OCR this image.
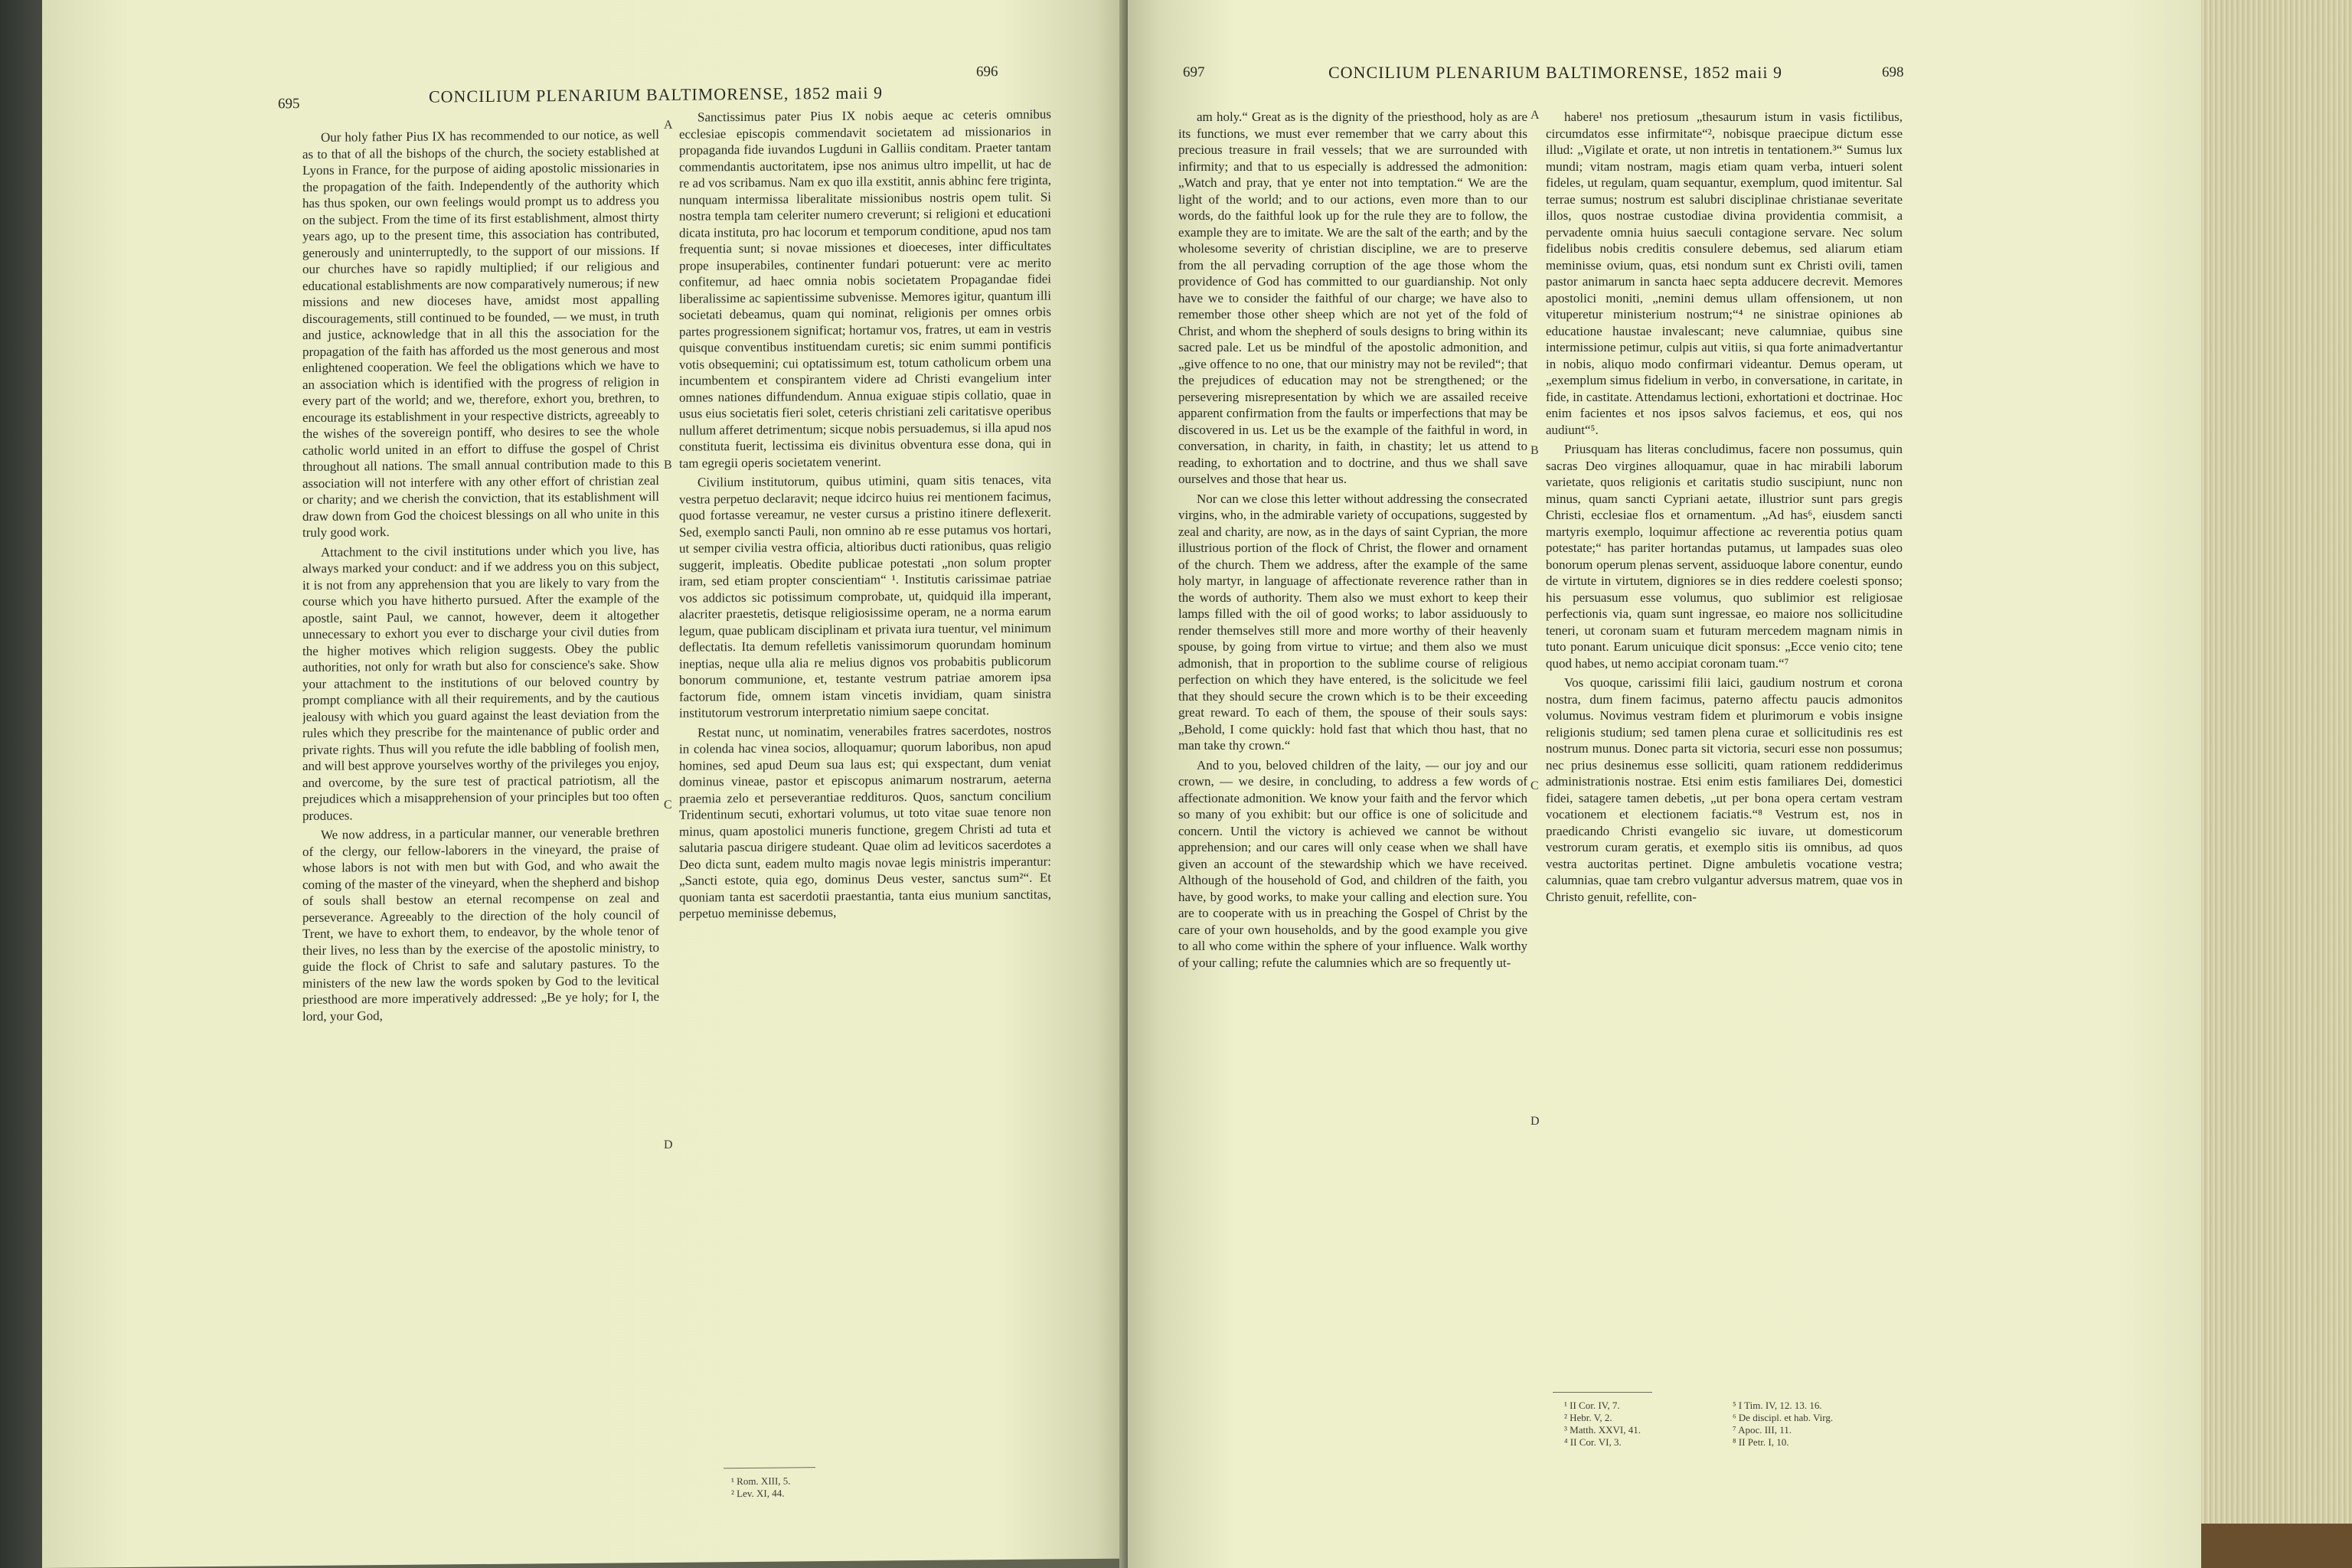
695	CONCILIUM PLENARIUM BALTIMORENSE, 1852 maii 9
696

Our holy father Pius IX has recommended to our notice, as well as to that of all the bishops of the church, the society established at Lyons in France, for the purpose of aiding apostolic missionaries in the propagation of the faith. Independently of the authority which has thus spoken, our own feelings would prompt us to address you on the subject. From the time of its first establishment, almost thirty years ago, up to the present time, this association has contributed, generously and uninterruptedly, to the support of our missions. If our churches have so rapidly multiplied; if our religious and educational establishments are now comparatively numerous; if new missions and new dioceses have, amidst most appalling discouragements, still continued to be founded, — we must, in truth and justice, acknowledge that in all this the association for the propagation of the faith has afforded us the most generous and most enlightened cooperation. We feel the obligations which we have to an association which is identified with the progress of religion in every part of the world; and we, therefore, exhort you, brethren, to encourage its establishment in your respective districts, agreeably to the wishes of the sovereign pontiff, who desires to see the whole catholic world united in an effort to diffuse the gospel of Christ throughout all nations. The small annual contribution made to this association will not interfere with any other effort of christian zeal or charity; and we cherish the conviction, that its establishment will draw down from God the choicest blessings on all who unite in this truly good work.

Attachment to the civil institutions under which you live, has always marked your conduct: and if we address you on this subject, it is not from any apprehension that you are likely to vary from the course which you have hitherto pursued. After the example of the apostle, saint Paul, we cannot, however, deem it altogether unnecessary to exhort you ever to discharge your civil duties from the higher motives which religion suggests. Obey the public authorities, not only for wrath but also for conscience's sake. Show your attachment to the institutions of our beloved country by prompt compliance with all their requirements, and by the cautious jealousy with which you guard against the least deviation from the rules which they prescribe for the maintenance of public order and private rights. Thus will you refute the idle babbling of foolish men, and will best approve yourselves worthy of the privileges you enjoy, and overcome, by the sure test of practical patriotism, all the prejudices which a misapprehension of your principles but too often produces.

We now address, in a particular manner, our venerable brethren of the clergy, our fellow-laborers in the vineyard, the praise of whose labors is not with men but with God, and who await the coming of the master of the vineyard, when the shepherd and bishop of souls shall bestow an eternal recompense on zeal and perseverance. Agreeably to the direction of the holy council of Trent, we have to exhort them, to endeavor, by the whole tenor of their lives, no less than by the exercise of the apostolic ministry, to guide the flock of Christ to safe and salutary pastures. To the ministers of the new law the words spoken by God to the levitical priesthood are more imperatively addressed: „Be ye holy; for I, the lord, your God,

A
B
C
D

Sanctissimus pater Pius IX nobis aeque ac ceteris omnibus ecclesiae episcopis commendavit societatem ad missionarios in propaganda fide iuvandos Lugduni in Galliis conditam. Praeter tantam commendantis auctoritatem, ipse nos animus ultro impellit, ut hac de re ad vos scribamus. Nam ex quo illa exstitit, annis abhinc fere triginta, nunquam intermissa liberalitate missionibus nostris opem tulit. Si nostra templa tam celeriter numero creverunt; si religioni et educationi dicata instituta, pro hac locorum et temporum conditione, apud nos tam frequentia sunt; si novae missiones et dioeceses, inter difficultates prope insuperabiles, continenter fundari potuerunt: vere ac merito confitemur, ad haec omnia nobis societatem Propagandae fidei liberalissime ac sapientissime subvenisse. Memores igitur, quantum illi societati debeamus, quam qui nominat, religionis per omnes orbis partes progressionem significat; hortamur vos, fratres, ut eam in vestris quisque conventibus instituendam curetis; sic enim summi pontificis votis obsequemini; cui optatissimum est, totum catholicum orbem una incumbentem et conspirantem videre ad Christi evangelium inter omnes nationes diffundendum. Annua exiguae stipis collatio, quae in usus eius societatis fieri solet, ceteris christiani zeli caritatisve operibus nullum afferet detrimentum; sicque nobis persuademus, si illa apud nos constituta fuerit, lectissima eis divinitus obventura esse dona, qui in tam egregii operis societatem venerint.

Civilium institutorum, quibus utimini, quam sitis tenaces, vita vestra perpetuo declaravit; neque idcirco huius rei mentionem facimus, quod fortasse vereamur, ne vester cursus a pristino itinere deflexerit. Sed, exemplo sancti Pauli, non omnino ab re esse putamus vos hortari, ut semper civilia vestra officia, altioribus ducti rationibus, quas religio suggerit, impleatis. Obedite publicae potestati „non solum propter iram, sed etiam propter conscientiam“ ¹. Institutis carissimae patriae vos addictos sic potissimum comprobate, ut, quidquid illa imperant, alacriter praestetis, detisque religiosissime operam, ne a norma earum legum, quae publicam disciplinam et privata iura tuentur, vel minimum deflectatis. Ita demum refelletis vanissimorum quorundam hominum ineptias, neque ulla alia re melius dignos vos probabitis publicorum bonorum communione, et, testante vestrum patriae amorem ipsa factorum fide, omnem istam vincetis invidiam, quam sinistra institutorum vestrorum interpretatio nimium saepe concitat.

Restat nunc, ut nominatim, venerabiles fratres sacerdotes, nostros in colenda hac vinea socios, alloquamur; quorum laboribus, non apud homines, sed apud Deum sua laus est; qui exspectant, dum veniat dominus vineae, pastor et episcopus animarum nostrarum, aeterna praemia zelo et perseverantiae reddituros. Quos, sanctum concilium Tridentinum secuti, exhortari volumus, ut toto vitae suae tenore non minus, quam apostolici muneris functione, gregem Christi ad tuta et salutaria pascua dirigere studeant. Quae olim ad leviticos sacerdotes a Deo dicta sunt, eadem multo magis novae legis ministris imperantur: „Sancti estote, quia ego, dominus Deus vester, sanctus sum²“. Et quoniam tanta est sacerdotii praestantia, tanta eius munium sanctitas, perpetuo meminisse debemus,

¹ Rom. XIII, 5.
² Lev. XI, 44.
697	CONCILIUM PLENARIUM BALTIMORENSE, 1852 maii 9	698

am holy.“ Great as is the dignity of the priesthood, holy as are its functions, we must ever remember that we carry about this precious treasure in frail vessels; that we are surrounded with infirmity; and that to us especially is addressed the admonition: „Watch and pray, that ye enter not into temptation.“ We are the light of the world; and to our actions, even more than to our words, do the faithful look up for the rule they are to follow, the example they are to imitate. We are the salt of the earth; and by the wholesome severity of christian discipline, we are to preserve from the all pervading corruption of the age those whom the providence of God has committed to our guardianship. Not only have we to consider the faithful of our charge; we have also to remember those other sheep which are not yet of the fold of Christ, and whom the shepherd of souls designs to bring within its sacred pale. Let us be mindful of the apostolic admonition, and „give offence to no one, that our ministry may not be reviled“; that the prejudices of education may not be strengthened; or the persevering misrepresentation by which we are assailed receive apparent confirmation from the faults or imperfections that may be discovered in us. Let us be the example of the faithful in word, in conversation, in charity, in faith, in chastity; let us attend to reading, to exhortation and to doctrine, and thus we shall save ourselves and those that hear us.

Nor can we close this letter without addressing the consecrated virgins, who, in the admirable variety of occupations, suggested by zeal and charity, are now, as in the days of saint Cyprian, the more illustrious portion of the flock of Christ, the flower and ornament of the church. Them we address, after the example of the same holy martyr, in language of affectionate reverence rather than in the words of authority. Them also we must exhort to keep their lamps filled with the oil of good works; to labor assiduously to render themselves still more and more worthy of their heavenly spouse, by going from virtue to virtue; and them also we must admonish, that in proportion to the sublime course of religious perfection on which they have entered, is the solicitude we feel that they should secure the crown which is to be their exceeding great reward. To each of them, the spouse of their souls says: „Behold, I come quickly: hold fast that which thou hast, that no man take thy crown.“

And to you, beloved children of the laity, — our joy and our crown, — we desire, in concluding, to address a few words of affectionate admonition. We know your faith and the fervor which so many of you exhibit: but our office is one of solicitude and concern. Until the victory is achieved we cannot be without apprehension; and our cares will only cease when we shall have given an account of the stewardship which we have received. Although of the household of God, and children of the faith, you have, by good works, to make your calling and election sure. You are to cooperate with us in preaching the Gospel of Christ by the care of your own households, and by the good example you give to all who come within the sphere of your influence. Walk worthy of your calling; refute the calumnies which are so frequently ut-

A
B
C
D

habere¹ nos pretiosum „thesaurum istum in vasis fictilibus, circumdatos esse infirmitate“², nobisque praecipue dictum esse illud: „Vigilate et orate, ut non intretis in tentationem.³“ Sumus lux mundi; vitam nostram, magis etiam quam verba, intueri solent fideles, ut regulam, quam sequantur, exemplum, quod imitentur. Sal terrae sumus; nostrum est salubri disciplinae christianae severitate illos, quos nostrae custodiae divina providentia commisit, a pervadente omnia huius saeculi contagione servare. Nec solum fidelibus nobis creditis consulere debemus, sed aliarum etiam meminisse ovium, quas, etsi nondum sunt ex Christi ovili, tamen pastor animarum in sancta haec septa adducere decrevit. Memores apostolici moniti, „nemini demus ullam offensionem, ut non vituperetur ministerium nostrum;“⁴ ne sinistrae opiniones ab educatione haustae invalescant; neve calumniae, quibus sine intermissione petimur, culpis aut vitiis, si qua forte animadvertantur in nobis, aliquo modo confirmari videantur. Demus operam, ut „exemplum simus fidelium in verbo, in conversatione, in caritate, in fide, in castitate. Attendamus lectioni, exhortationi et doctrinae. Hoc enim facientes et nos ipsos salvos faciemus, et eos, qui nos audiunt“⁵.

Priusquam has literas concludimus, facere non possumus, quin sacras Deo virgines alloquamur, quae in hac mirabili laborum varietate, quos religionis et caritatis studio suscipiunt, nunc non minus, quam sancti Cypriani aetate, illustrior sunt pars gregis Christi, ecclesiae flos et ornamentum. „Ad has⁶, eiusdem sancti martyris exemplo, loquimur affectione ac reverentia potius quam potestate;“ has pariter hortandas putamus, ut lampades suas oleo bonorum operum plenas servent, assiduoque labore conentur, eundo de virtute in virtutem, digniores se in dies reddere coelesti sponso; his persuasum esse volumus, quo sublimior est religiosae perfectionis via, quam sunt ingressae, eo maiore nos sollicitudine teneri, ut coronam suam et futuram mercedem magnam nimis in tuto ponant. Earum unicuique dicit sponsus: „Ecce venio cito; tene quod habes, ut nemo accipiat coronam tuam.“⁷

Vos quoque, carissimi filii laici, gaudium nostrum et corona nostra, dum finem facimus, paterno affectu paucis admonitos volumus. Novimus vestram fidem et plurimorum e vobis insigne religionis studium; sed tamen plena curae et sollicitudinis res est nostrum munus. Donec parta sit victoria, securi esse non possumus; nec prius desinemus esse solliciti, quam rationem reddiderimus administrationis nostrae. Etsi enim estis familiares Dei, domestici fidei, satagere tamen debetis, „ut per bona opera certam vestram vocationem et electionem faciatis.“⁸ Vestrum est, nos in praedicando Christi evangelio sic iuvare, ut domesticorum vestrorum curam geratis, et exemplo sitis iis omnibus, ad quos vestra auctoritas pertinet. Digne ambuletis vocatione vestra; calumnias, quae tam crebro vulgantur adversus matrem, quae vos in Christo genuit, refellite, con-

¹ II Cor. IV, 7.
² Hebr. V, 2.
³ Matth. XXVI, 41.
⁴ II Cor. VI, 3.
⁵ I Tim. IV, 12. 13. 16.
⁶ De discipl. et hab. Virg.
⁷ Apoc. III, 11.
⁸ II Petr. I, 10.
